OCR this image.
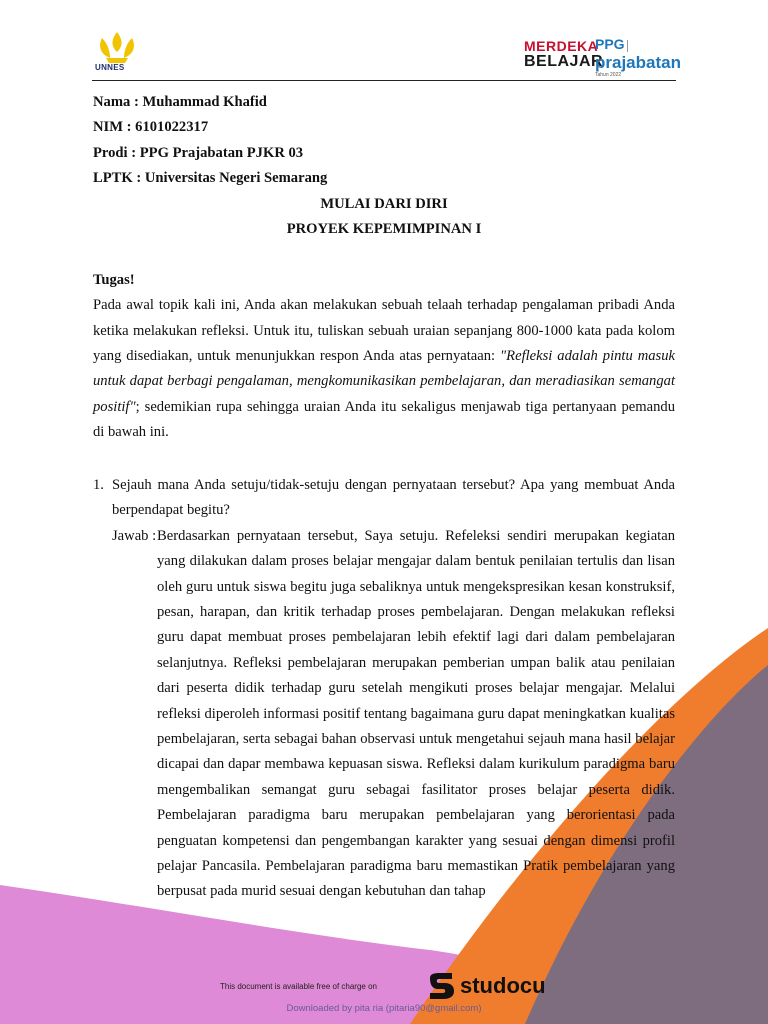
UNNES
MERDEKA
BELAJAR
PPG
prajabatan
Tahun 2022
Nama : Muhammad Khafid
NIM : 6101022317
Prodi : PPG Prajabatan PJKR 03
LPTK : Universitas Negeri Semarang
MULAI DARI DIRI
PROYEK KEPEMIMPINAN I
Tugas!

Pada awal topik kali ini, Anda akan melakukan sebuah telaah terhadap pengalaman pribadi Anda ketika melakukan refleksi. Untuk itu, tuliskan sebuah uraian sepanjang 800-1000 kata pada kolom yang disediakan, untuk menunjukkan respon Anda atas pernyataan: "Refleksi adalah pintu masuk untuk dapat berbagi pengalaman, mengkomunikasikan pembelajaran, dan meradiasikan semangat positif"; sedemikian rupa sehingga uraian Anda itu sekaligus menjawab tiga pertanyaan pemandu di bawah ini.

1. Sejauh mana Anda setuju/tidak-setuju dengan pernyataan tersebut? Apa yang membuat Anda berpendapat begitu?
Jawab : Berdasarkan pernyataan tersebut, Saya setuju. Refeleksi sendiri merupakan kegiatan yang dilakukan dalam proses belajar mengajar dalam bentuk penilaian tertulis dan lisan oleh guru untuk siswa begitu juga sebaliknya untuk mengekspresikan kesan konstruksif, pesan, harapan, dan kritik terhadap proses pembelajaran. Dengan melakukan refleksi guru dapat membuat proses pembelajaran lebih efektif lagi dari dalam pembelajaran selanjutnya. Refleksi pembelajaran merupakan pemberian umpan balik atau penilaian dari peserta didik terhadap guru setelah mengikuti proses belajar mengajar. Melalui refleksi diperoleh informasi positif tentang bagaimana guru dapat meningkatkan kualitas pembelajaran, serta sebagai bahan observasi untuk mengetahui sejauh mana hasil belajar dicapai dan dapar membawa kepuasan siswa. Refleksi dalam kurikulum paradigma baru mengembalikan semangat guru sebagai fasilitator proses belajar peserta didik. Pembelajaran paradigma baru merupakan pembelajaran yang berorientasi pada penguatan kompetensi dan pengembangan karakter yang sesuai dengan dimensi profil pelajar Pancasila. Pembelajaran paradigma baru memastikan Pratik pembelajaran yang berpusat pada murid sesuai dengan kebutuhan dan tahap
This document is available free of charge on	studocu
Downloaded by pita ria (pitaria90@gmail.com)
